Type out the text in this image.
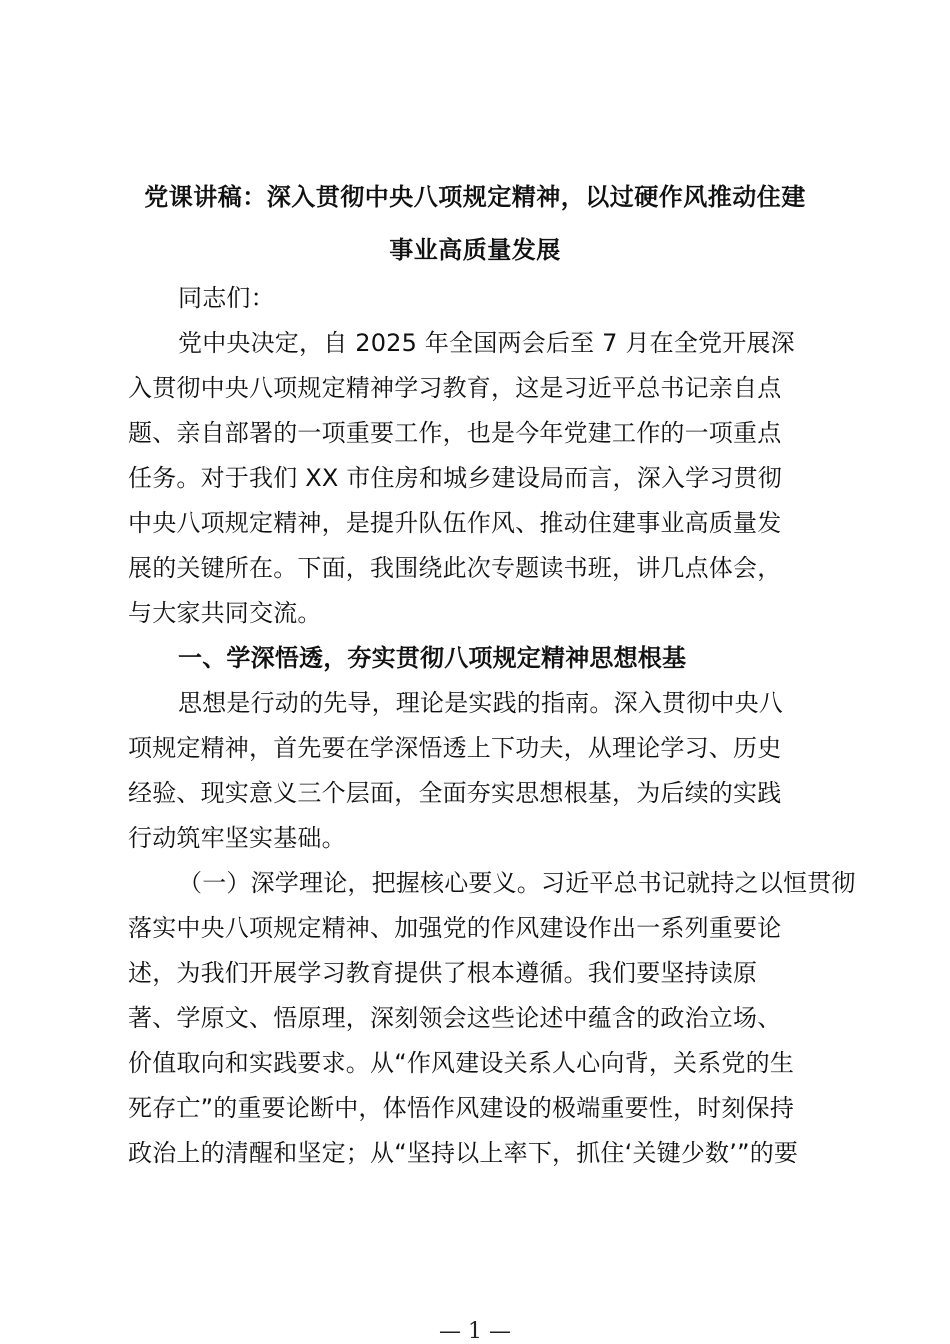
党课讲稿：深入贯彻中央八项规定精神，以过硬作风推动住建
事业高质量发展
同志们：
党中央决定，自 2025 年全国两会后至 7 月在全党开展深
入贯彻中央八项规定精神学习教育，这是习近平总书记亲自点
题、亲自部署的一项重要工作，也是今年党建工作的一项重点
任务。对于我们 XX 市住房和城乡建设局而言，深入学习贯彻
中央八项规定精神，是提升队伍作风、推动住建事业高质量发
展的关键所在。下面，我围绕此次专题读书班，讲几点体会，
与大家共同交流。
一、学深悟透，夯实贯彻八项规定精神思想根基
思想是行动的先导，理论是实践的指南。深入贯彻中央八
项规定精神，首先要在学深悟透上下功夫，从理论学习、历史
经验、现实意义三个层面，全面夯实思想根基，为后续的实践
行动筑牢坚实基础。
（一）深学理论，把握核心要义。习近平总书记就持之以恒贯彻
落实中央八项规定精神、加强党的作风建设作出一系列重要论
述，为我们开展学习教育提供了根本遵循。我们要坚持读原
著、学原文、悟原理，深刻领会这些论述中蕴含的政治立场、
价值取向和实践要求。从“作风建设关系人心向背，关系党的生
死存亡”的重要论断中，体悟作风建设的极端重要性，时刻保持
政治上的清醒和坚定；从“坚持以上率下，抓住‘关键少数’”的要
— 1 —
